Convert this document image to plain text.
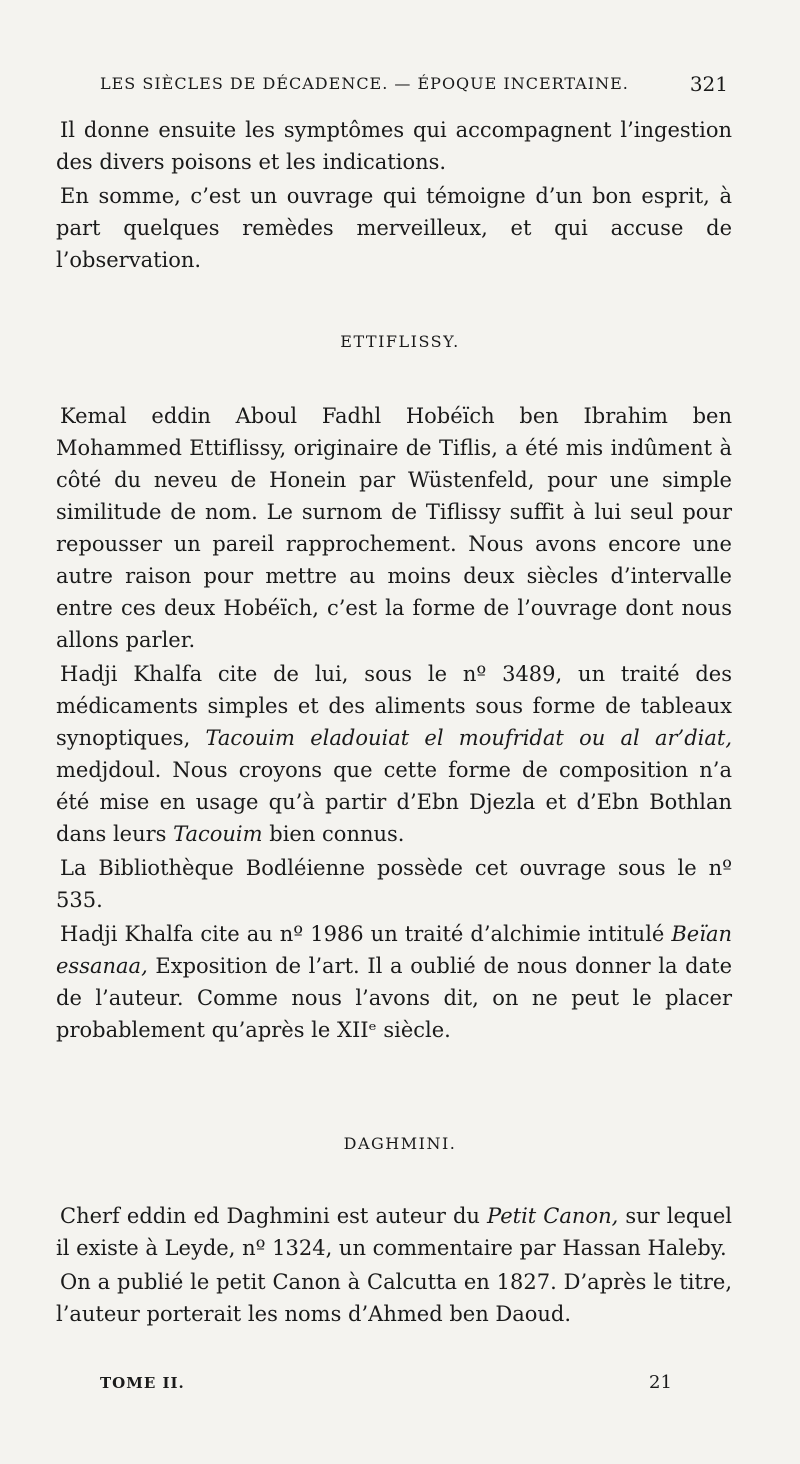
LES SIÈCLES DE DÉCADENCE. — ÉPOQUE INCERTAINE.	321

Il donne ensuite les symptômes qui accompagnent l’ingestion des divers poisons et les indications.

En somme, c’est un ouvrage qui témoigne d’un bon esprit, à part quelques remèdes merveilleux, et qui accuse de l’observation.

ETTIFLISSY.

Kemal eddin Aboul Fadhl Hobéïch ben Ibrahim ben Mohammed Ettiflissy, originaire de Tiflis, a été mis indûment à côté du neveu de Honein par Wüstenfeld, pour une simple similitude de nom. Le surnom de Tiflissy suffit à lui seul pour repousser un pareil rapprochement. Nous avons encore une autre raison pour mettre au moins deux siècles d’intervalle entre ces deux Hobéïch, c’est la forme de l’ouvrage dont nous allons parler.

Hadji Khalfa cite de lui, sous le nº 3489, un traité des médicaments simples et des aliments sous forme de tableaux synoptiques, Tacouim eladouiat el moufridat ou al ar’diat, medjdoul. Nous croyons que cette forme de composition n’a été mise en usage qu’à partir d’Ebn Djezla et d’Ebn Bothlan dans leurs Tacouim bien connus.

La Bibliothèque Bodléienne possède cet ouvrage sous le nº 535.

Hadji Khalfa cite au nº 1986 un traité d’alchimie intitulé Beïan essanaa, Exposition de l’art. Il a oublié de nous donner la date de l’auteur. Comme nous l’avons dit, on ne peut le placer probablement qu’après le XIIᵉ siècle.

DAGHMINI.

Cherf eddin ed Daghmini est auteur du Petit Canon, sur lequel il existe à Leyde, nº 1324, un commentaire par Hassan Haleby.

On a publié le petit Canon à Calcutta en 1827. D’après le titre, l’auteur porterait les noms d’Ahmed ben Daoud.

TOME II.	21
